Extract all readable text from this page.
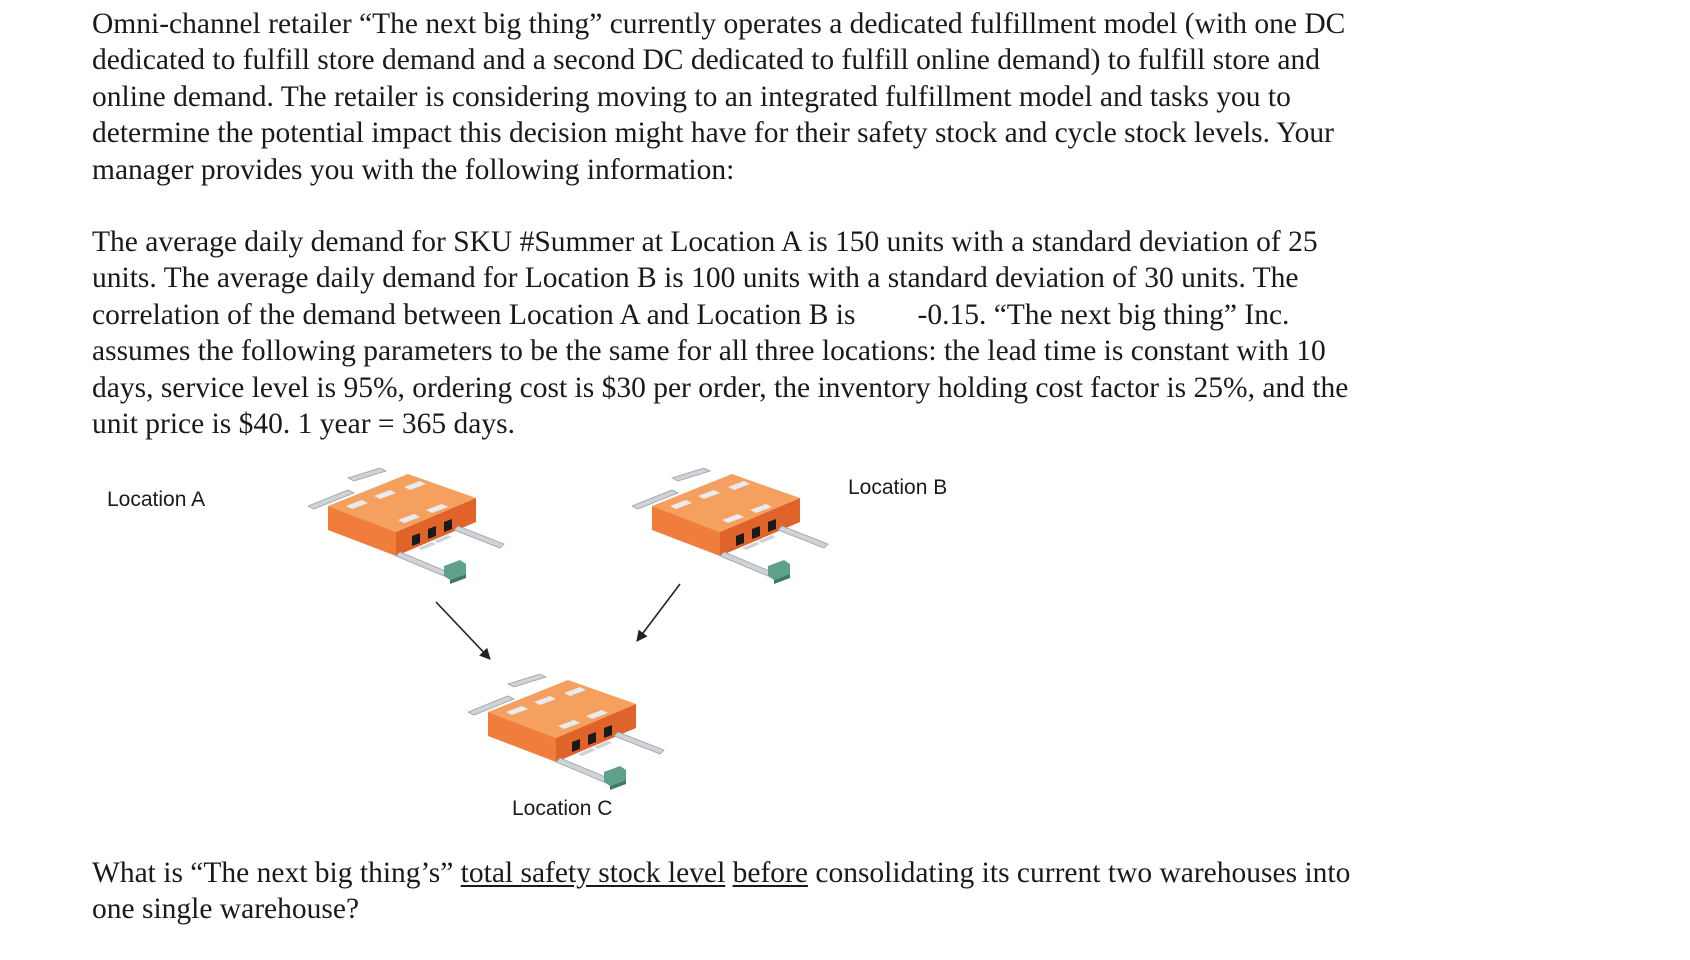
Omni-channel retailer “The next big thing” currently operates a dedicated fulfillment model (with one DC
dedicated to fulfill store demand and a second DC dedicated to fulfill online demand) to fulfill store and
online demand. The retailer is considering moving to an integrated fulfillment model and tasks you to
determine the potential impact this decision might have for their safety stock and cycle stock levels. Your
manager provides you with the following information:
The average daily demand for SKU #Summer at Location A is 150 units with a standard deviation of 25
units. The average daily demand for Location B is 100 units with a standard deviation of 30 units. The
correlation of the demand between Location A and Location B is -0.15. “The next big thing” Inc.
assumes the following parameters to be the same for all three locations: the lead time is constant with 10
days, service level is 95%, ordering cost is $30 per order, the inventory holding cost factor is 25%, and the
unit price is $40. 1 year = 365 days.
Location A
Location B
Location C
What is “The next big thing’s” total safety stock level before consolidating its current two warehouses into
one single warehouse?
